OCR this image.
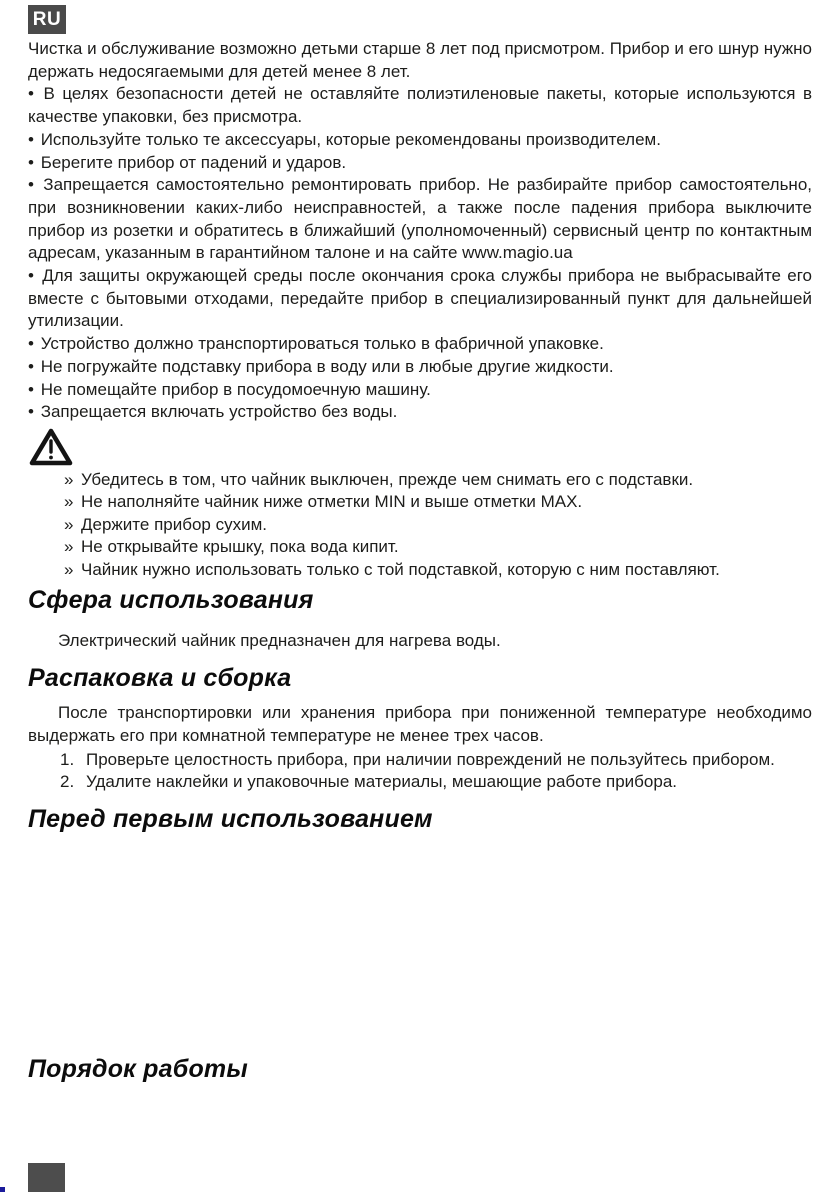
RU

Чистка и обслуживание возможно детьми старше 8 лет под присмотром. Прибор и его шнур нужно держать недосягаемыми для детей менее 8 лет.

• В целях безопасности детей не оставляйте полиэтиленовые пакеты, которые используются в качестве упаковки, без присмотра.

• Используйте только те аксессуары, которые рекомендованы производителем.

• Берегите прибор от падений и ударов.

• Запрещается самостоятельно ремонтировать прибор. Не разбирайте прибор самостоятельно, при возникновении каких-либо неисправностей, а также после падения прибора выключите прибор из розетки и обратитесь в ближайший (уполномоченный) сервисный центр по контактным адресам, указанным в гарантийном талоне и на сайте www.magio.ua

• Для защиты окружающей среды после окончания срока службы прибора не выбрасывайте его вместе с бытовыми отходами, передайте прибор в специализированный пункт для дальнейшей утилизации.

• Устройство должно транспортироваться только в фабричной упаковке.

• Не погружайте подставку прибора в воду или в любые другие жидкости.

• Не помещайте прибор в посудомоечную машину.

• Запрещается включать устройство без воды.

» Убедитесь в том, что чайник выключен, прежде чем снимать его с подставки.

» Не наполняйте чайник ниже отметки MIN и выше отметки MAX.

» Держите прибор сухим.

» Не открывайте крышку, пока вода кипит.

» Чайник нужно использовать только с той подставкой, которую с ним поставляют.

Сфера использования

Электрический чайник предназначен для нагрева воды.

Распаковка и сборка

После транспортировки или хранения прибора при пониженной температуре необходимо выдержать его при комнатной температуре не менее трех часов.

1. Проверьте целостность прибора, при наличии повреждений не пользуйтесь прибором.

2. Удалите наклейки и упаковочные материалы, мешающие работе прибора.

Перед первым использованием
Порядок работы
